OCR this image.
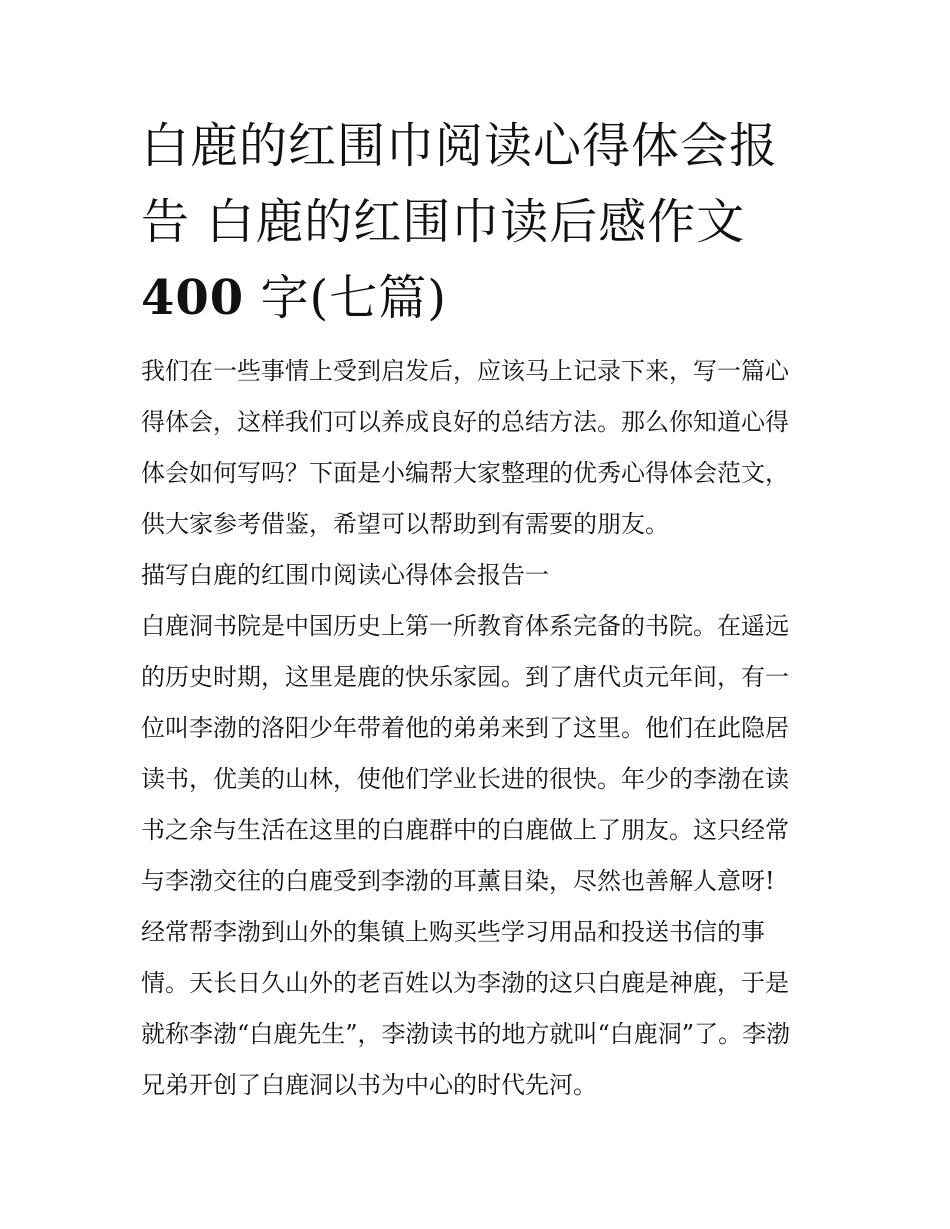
白鹿的红围巾阅读心得体会报
告 白鹿的红围巾读后感作文
400 字(七篇)

我们在一些事情上受到启发后，应该马上记录下来，写一篇心
得体会，这样我们可以养成良好的总结方法。那么你知道心得
体会如何写吗？下面是小编帮大家整理的优秀心得体会范文，
供大家参考借鉴，希望可以帮助到有需要的朋友。

描写白鹿的红围巾阅读心得体会报告一

白鹿洞书院是中国历史上第一所教育体系完备的书院。在遥远
的历史时期，这里是鹿的快乐家园。到了唐代贞元年间，有一
位叫李渤的洛阳少年带着他的弟弟来到了这里。他们在此隐居
读书，优美的山林，使他们学业长进的很快。年少的李渤在读
书之余与生活在这里的白鹿群中的白鹿做上了朋友。这只经常
与李渤交往的白鹿受到李渤的耳薰目染，尽然也善解人意呀!
经常帮李渤到山外的集镇上购买些学习用品和投送书信的事
情。天长日久山外的老百姓以为李渤的这只白鹿是神鹿，于是
就称李渤“白鹿先生”，李渤读书的地方就叫“白鹿洞”了。李渤
兄弟开创了白鹿洞以书为中心的时代先河。
